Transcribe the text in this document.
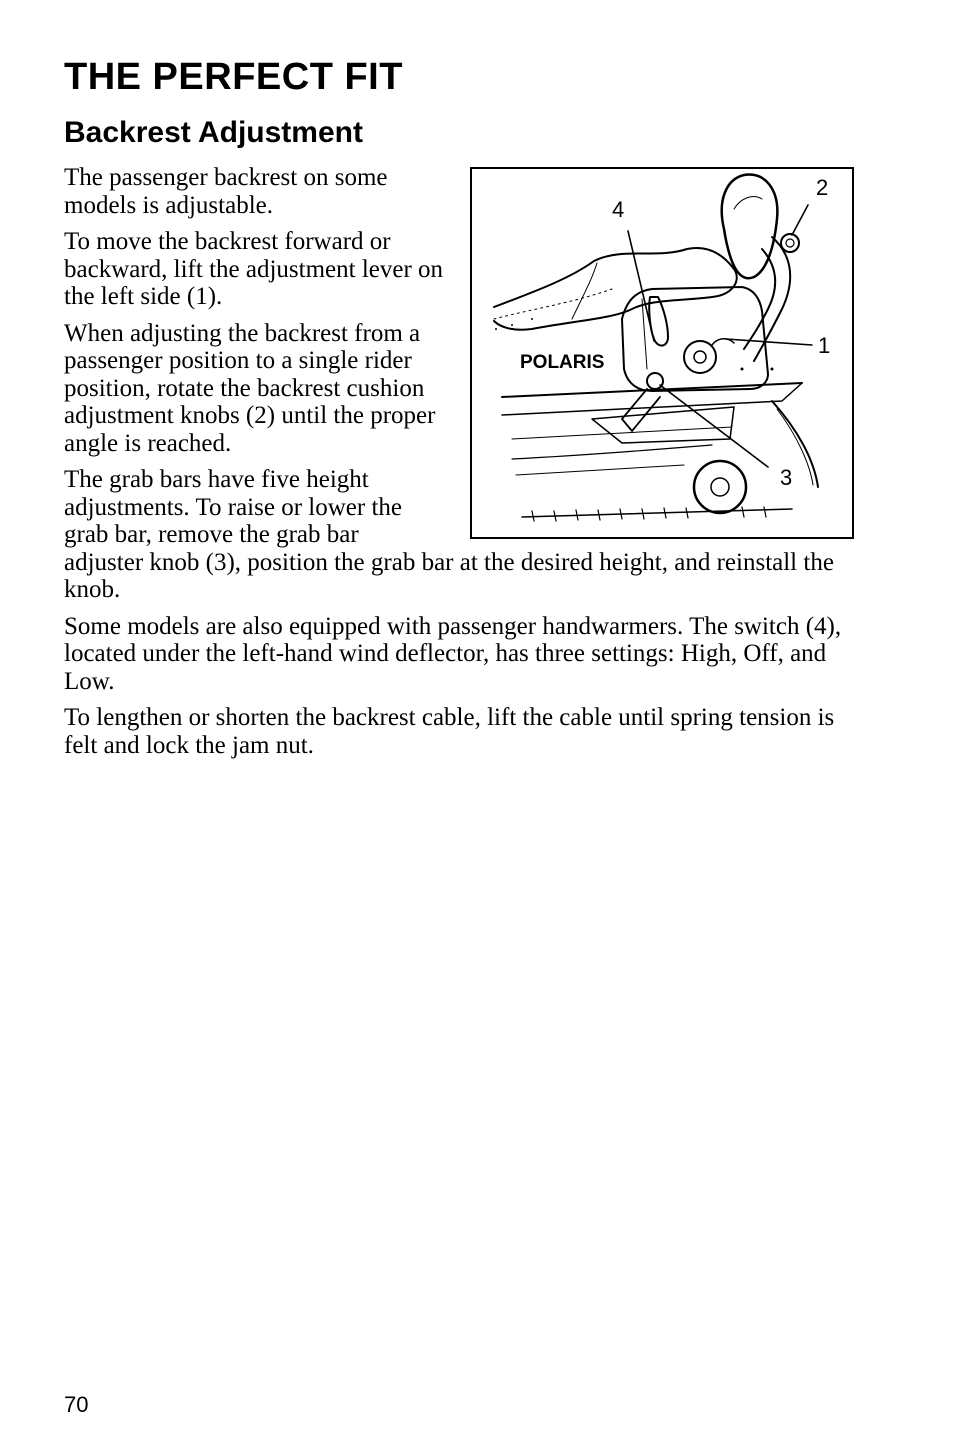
THE PERFECT FIT
Backrest Adjustment
POLARIS
2
4
1
3

The passenger backrest on some models is adjustable.

To move the backrest forward or backward, lift the adjustment lever on the left side (1).

When adjusting the backrest from a passenger position to a single rider position, rotate the backrest cushion adjustment knobs (2) until the proper angle is reached.

The grab bars have five height adjustments. To raise or lower the grab bar, remove the grab bar adjuster knob (3), position the grab bar at the desired height, and reinstall the knob.

Some models are also equipped with passenger handwarmers. The switch (4), located under the left-hand wind deflector, has three settings: High, Off, and Low.

To lengthen or shorten the backrest cable, lift the cable until spring tension is felt and lock the jam nut.

70
